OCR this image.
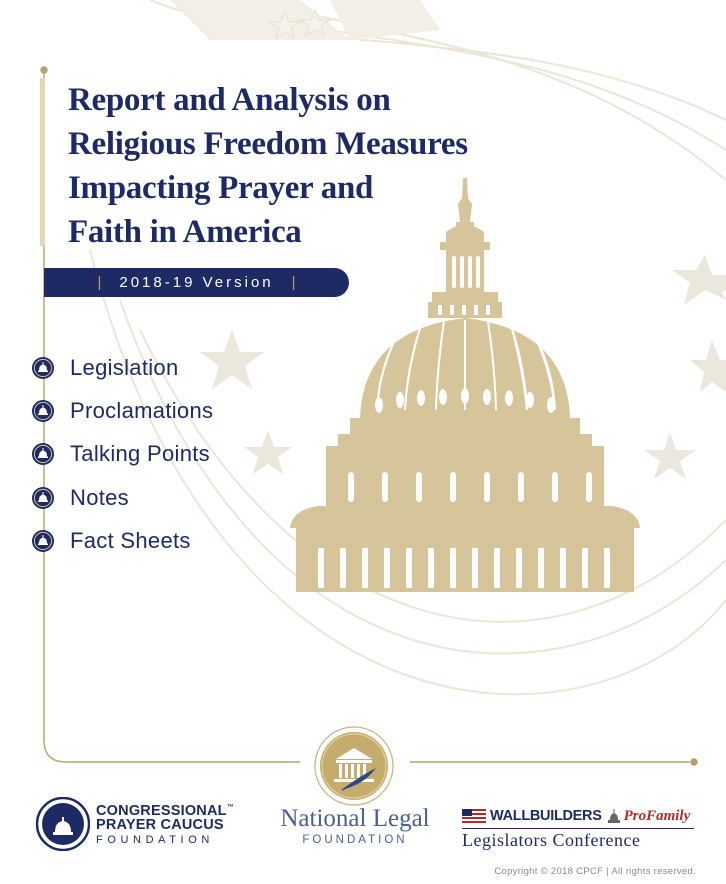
Report and Analysis on
Religious Freedom Measures
Impacting Prayer and
Faith in America
| 2018-19 Version |
Legislation
Proclamations
Talking Points
Notes
Fact Sheets
CONGRESSIONAL™
PRAYER CAUCUS
FOUNDATION
National Legal
FOUNDATION
WALLBUILDERS ProFamily
Legislators Conference
Copyright © 2018 CPCF | All rights reserved.
